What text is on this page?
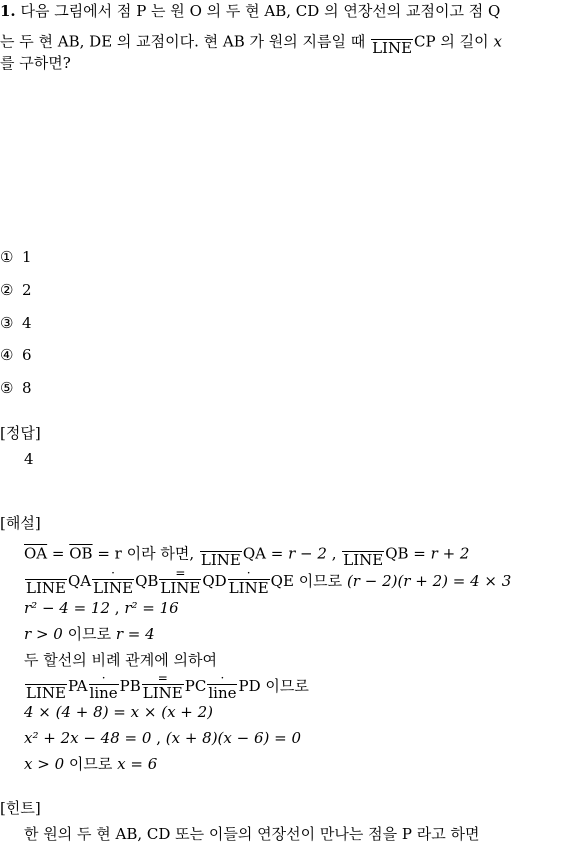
1. 다음 그림에서 점 P 는 원 O 의 두 현 AB, CD 의 연장선의 교점이고 점 Q
는 두 현 AB, DE 의 교점이다. 현 AB 가 원의 지름일 때 LINE CP 의 길이 x
를 구하면?
① 1
② 2
③ 4
④ 6
⑤ 8
[정답]
4
[해설]
$\overline{OA} = \overline{OB} = r$ 이라 하면, LINE QA = r − 2 , LINE QB = r + 2
LINE QA	·
LINE QB	=
LINE QD	·
LINE QE 이므로 (r − 2)(r + 2) = 4 × 3
r² − 4 = 12 , r² = 16
r > 0 이므로 r = 4
두 할선의 비례 관계에 의하여
LINE PA	·
line PB	=
LINE PC	·
line PD 이므로
4 × (4 + 8) = x × (x + 2)
x² + 2x − 48 = 0 , (x + 8)(x − 6) = 0
x > 0 이므로 x = 6
[힌트]
한 원의 두 현 AB, CD 또는 이들의 연장선이 만나는 점을 P 라고 하면
